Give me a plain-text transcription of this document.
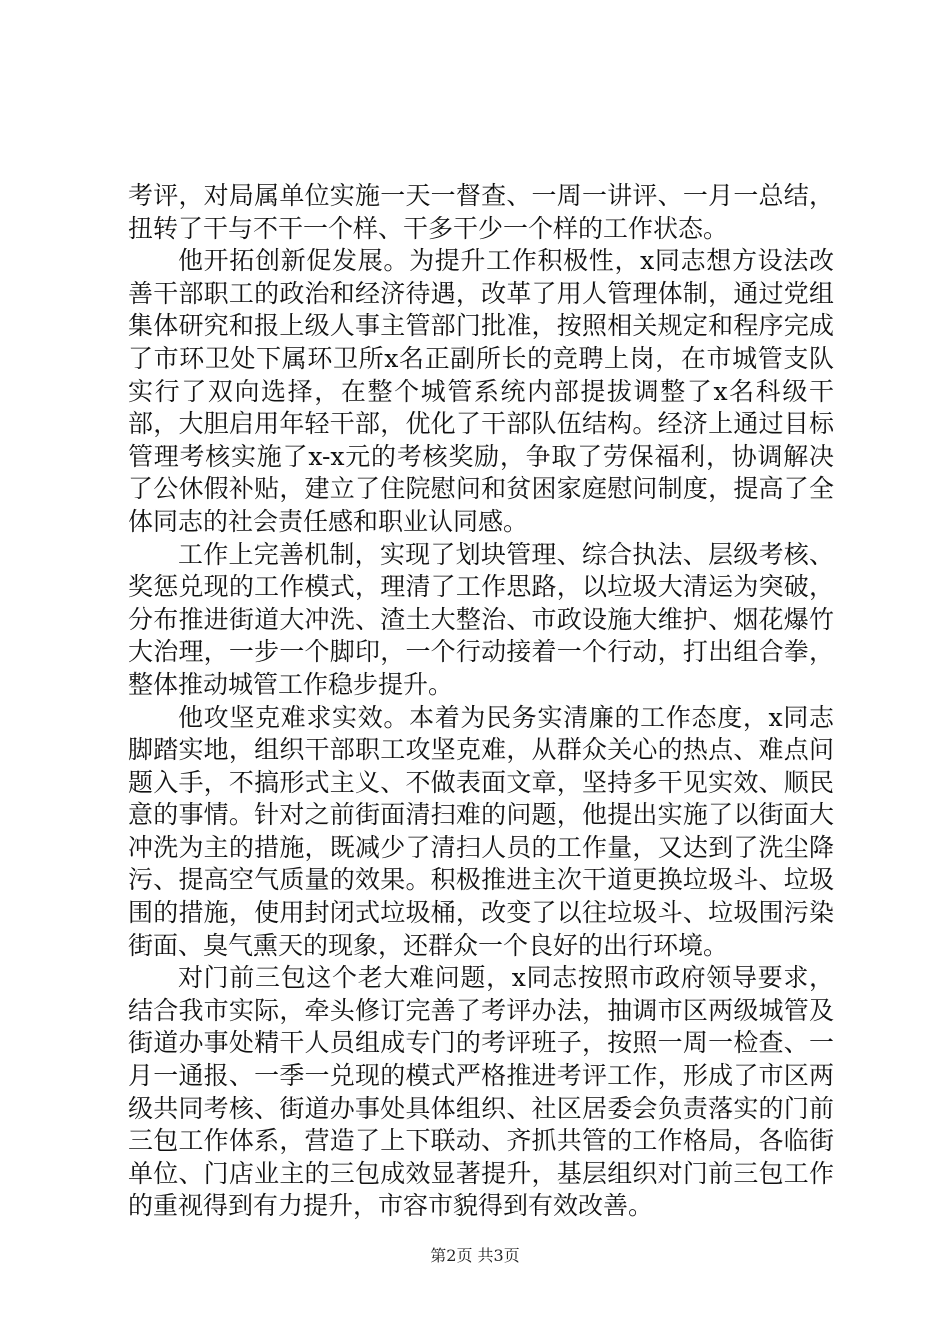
考评，对局属单位实施一天一督查、一周一讲评、一月一总结，扭转了干与不干一个样、干多干少一个样的工作状态。

他开拓创新促发展。为提升工作积极性，x同志想方设法改善干部职工的政治和经济待遇，改革了用人管理体制，通过党组集体研究和报上级人事主管部门批准，按照相关规定和程序完成了市环卫处下属环卫所x名正副所长的竞聘上岗，在市城管支队实行了双向选择，在整个城管系统内部提拔调整了x名科级干部，大胆启用年轻干部，优化了干部队伍结构。经济上通过目标管理考核实施了x-x元的考核奖励，争取了劳保福利，协调解决了公休假补贴，建立了住院慰问和贫困家庭慰问制度，提高了全体同志的社会责任感和职业认同感。

工作上完善机制，实现了划块管理、综合执法、层级考核、奖惩兑现的工作模式，理清了工作思路，以垃圾大清运为突破，分布推进街道大冲洗、渣土大整治、市政设施大维护、烟花爆竹大治理，一步一个脚印，一个行动接着一个行动，打出组合拳，整体推动城管工作稳步提升。

他攻坚克难求实效。本着为民务实清廉的工作态度，x同志脚踏实地，组织干部职工攻坚克难，从群众关心的热点、难点问题入手，不搞形式主义、不做表面文章，坚持多干见实效、顺民意的事情。针对之前街面清扫难的问题，他提出实施了以街面大冲洗为主的措施，既减少了清扫人员的工作量，又达到了洗尘降污、提高空气质量的效果。积极推进主次干道更换垃圾斗、垃圾围的措施，使用封闭式垃圾桶，改变了以往垃圾斗、垃圾围污染街面、臭气熏天的现象，还群众一个良好的出行环境。

对门前三包这个老大难问题，x同志按照市政府领导要求，结合我市实际，牵头修订完善了考评办法，抽调市区两级城管及街道办事处精干人员组成专门的考评班子，按照一周一检查、一月一通报、一季一兑现的模式严格推进考评工作，形成了市区两级共同考核、街道办事处具体组织、社区居委会负责落实的门前三包工作体系，营造了上下联动、齐抓共管的工作格局，各临街单位、门店业主的三包成效显著提升，基层组织对门前三包工作的重视得到有力提升，市容市貌得到有效改善。

第2页 共3页
